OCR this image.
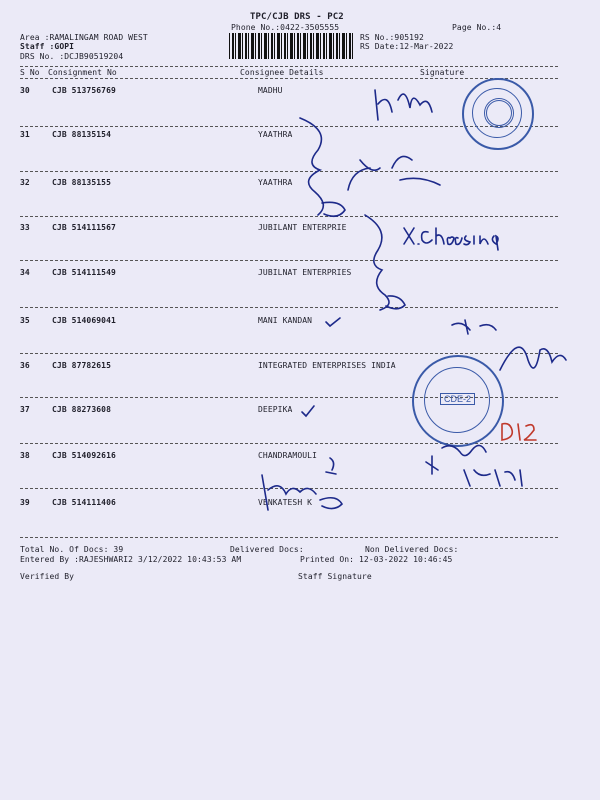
TPC/CJB DRS - PC2
Phone No.:0422-3505555	Page No.:4
Area :RAMALINGAM ROAD WEST
Staff :GOPI
DRS No. :DCJB90519204
RS No.:905192
RS Date:12-Mar-2022
S No Consignment No	Consignee Details	Signature
30	CJB 513756769	MADHU
31	CJB 88135154	YAATHRA
32	CJB 88135155	YAATHRA
33	CJB 514111567	JUBILANT ENTERPRIE
34	CJB 514111549	JUBILNAT ENTERPRIES
35	CJB 514069041	MANI KANDAN
36	CJB 87782615	INTEGRATED ENTERPRISES INDIA
37	CJB 88273608	DEEPIKA
38	CJB 514092616	CHANDRAMOULI
39	CJB 514111406	VENKATESH K
Total No. Of Docs: 39	Delivered Docs:	Non Delivered Docs:
Entered By :RAJESHWARI2 3/12/2022 10:43:53 AM	Printed On: 12-03-2022 10:46:45
Verified By	Staff Signature
CDE-2
